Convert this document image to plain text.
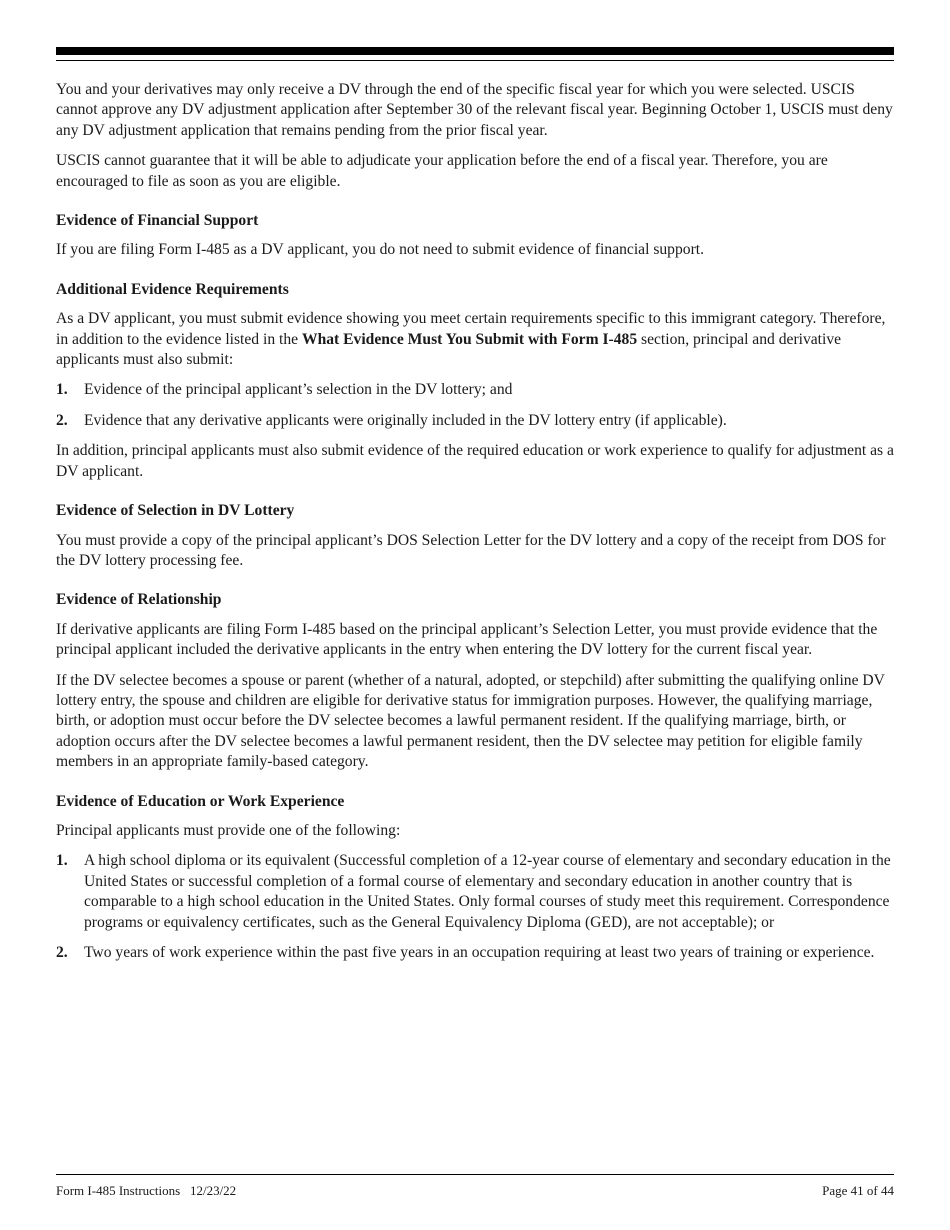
You and your derivatives may only receive a DV through the end of the specific fiscal year for which you were selected. USCIS cannot approve any DV adjustment application after September 30 of the relevant fiscal year. Beginning October 1, USCIS must deny any DV adjustment application that remains pending from the prior fiscal year.

USCIS cannot guarantee that it will be able to adjudicate your application before the end of a fiscal year. Therefore, you are encouraged to file as soon as you are eligible.

Evidence of Financial Support

If you are filing Form I-485 as a DV applicant, you do not need to submit evidence of financial support.

Additional Evidence Requirements

As a DV applicant, you must submit evidence showing you meet certain requirements specific to this immigrant category. Therefore, in addition to the evidence listed in the What Evidence Must You Submit with Form I-485 section, principal and derivative applicants must also submit:

1.	Evidence of the principal applicant’s selection in the DV lottery; and
2.	Evidence that any derivative applicants were originally included in the DV lottery entry (if applicable).

In addition, principal applicants must also submit evidence of the required education or work experience to qualify for adjustment as a DV applicant.

Evidence of Selection in DV Lottery

You must provide a copy of the principal applicant’s DOS Selection Letter for the DV lottery and a copy of the receipt from DOS for the DV lottery processing fee.

Evidence of Relationship

If derivative applicants are filing Form I-485 based on the principal applicant’s Selection Letter, you must provide evidence that the principal applicant included the derivative applicants in the entry when entering the DV lottery for the current fiscal year.

If the DV selectee becomes a spouse or parent (whether of a natural, adopted, or stepchild) after submitting the qualifying online DV lottery entry, the spouse and children are eligible for derivative status for immigration purposes. However, the qualifying marriage, birth, or adoption must occur before the DV selectee becomes a lawful permanent resident. If the qualifying marriage, birth, or adoption occurs after the DV selectee becomes a lawful permanent resident, then the DV selectee may petition for eligible family members in an appropriate family-based category.

Evidence of Education or Work Experience

Principal applicants must provide one of the following:

1.	A high school diploma or its equivalent (Successful completion of a 12-year course of elementary and secondary education in the United States or successful completion of a formal course of elementary and secondary education in another country that is comparable to a high school education in the United States. Only formal courses of study meet this requirement. Correspondence programs or equivalency certificates, such as the General Equivalency Diploma (GED), are not acceptable); or
2.	Two years of work experience within the past five years in an occupation requiring at least two years of training or experience.
Form I-485 Instructions   12/23/22	Page 41 of 44
